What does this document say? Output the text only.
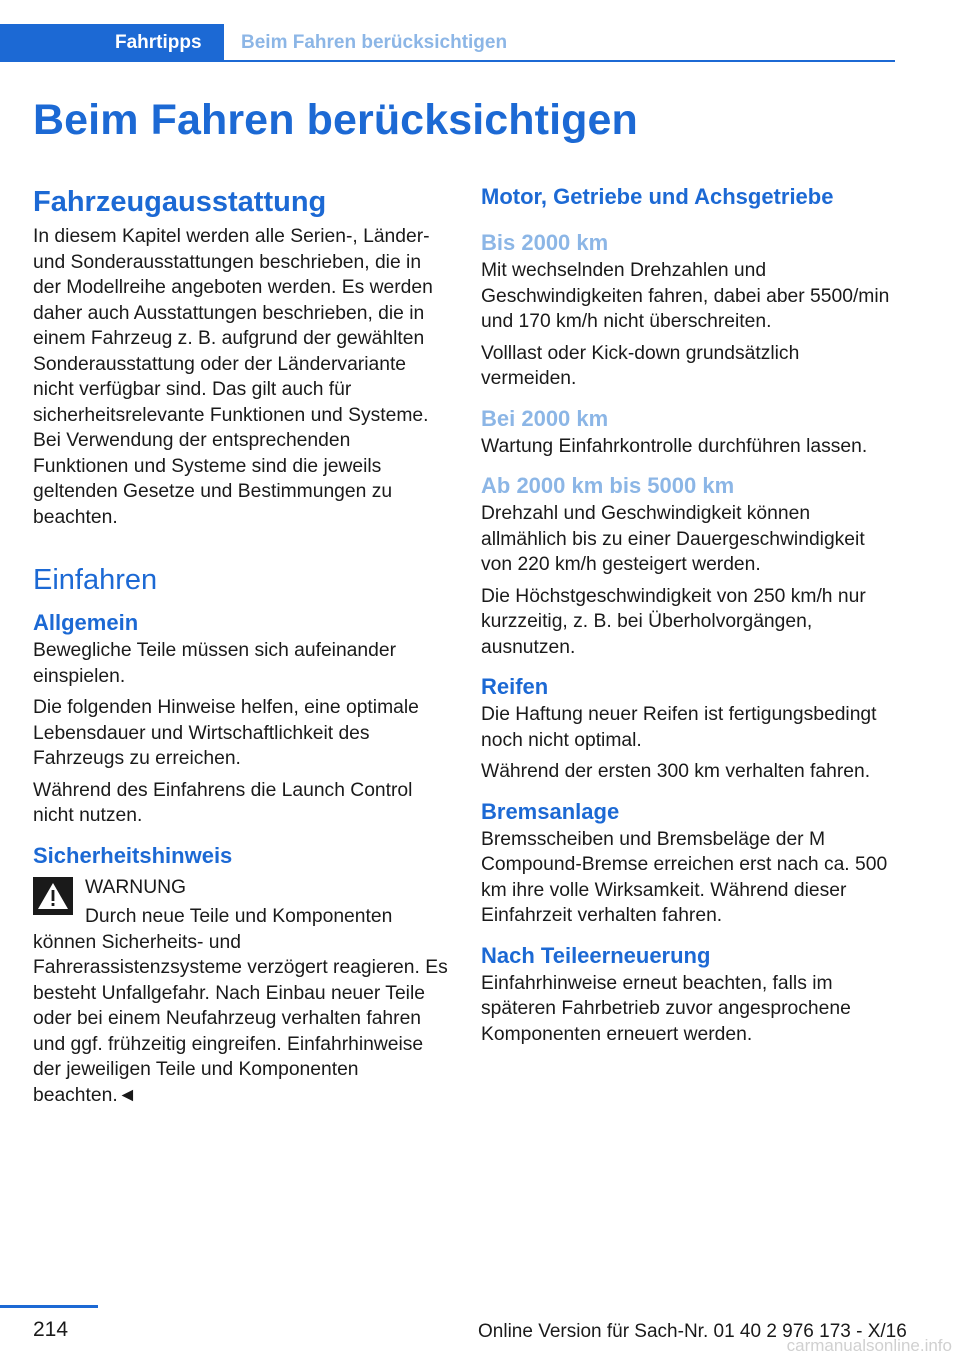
Fahrtipps	Beim Fahren berücksichtigen
Beim Fahren berücksichtigen
Fahrzeugausstattung

In diesem Kapitel werden alle Serien-, Länder- und Sonderausstattungen beschrieben, die in der Modellreihe angeboten werden. Es werden daher auch Ausstattungen beschrieben, die in einem Fahrzeug z. B. aufgrund der gewählten Sonderausstattung oder der Ländervariante nicht verfügbar sind. Das gilt auch für sicherheitsrelevante Funktionen und Systeme. Bei Verwendung der entsprechenden Funktionen und Systeme sind die jeweils geltenden Gesetze und Bestimmungen zu beachten.

Einfahren
Allgemein

Bewegliche Teile müssen sich aufeinander einspielen.

Die folgenden Hinweise helfen, eine optimale Lebensdauer und Wirtschaftlichkeit des Fahrzeugs zu erreichen.

Während des Einfahrens die Launch Control nicht nutzen.

Sicherheitshinweis

WARNUNG

Durch neue Teile und Komponenten können Sicherheits- und Fahrerassistenzsysteme verzögert reagieren. Es besteht Unfallgefahr. Nach Einbau neuer Teile oder bei einem Neufahrzeug verhalten fahren und ggf. frühzeitig eingreifen. Einfahrhinweise der jeweiligen Teile und Komponenten beachten.◄

Motor, Getriebe und Achsgetriebe
Bis 2000 km

Mit wechselnden Drehzahlen und Geschwindigkeiten fahren, dabei aber 5500/min und 170 km/h nicht überschreiten.

Volllast oder Kick-down grundsätzlich vermeiden.

Bei 2000 km

Wartung Einfahrkontrolle durchführen lassen.

Ab 2000 km bis 5000 km

Drehzahl und Geschwindigkeit können allmählich bis zu einer Dauergeschwindigkeit von 220 km/h gesteigert werden.

Die Höchstgeschwindigkeit von 250 km/h nur kurzzeitig, z. B. bei Überholvorgängen, ausnutzen.

Reifen

Die Haftung neuer Reifen ist fertigungsbedingt noch nicht optimal.

Während der ersten 300 km verhalten fahren.

Bremsanlage

Bremsscheiben und Bremsbeläge der M Compound-Bremse erreichen erst nach ca. 500 km ihre volle Wirksamkeit. Während dieser Einfahrzeit verhalten fahren.

Nach Teileerneuerung

Einfahrhinweise erneut beachten, falls im späteren Fahrbetrieb zuvor angesprochene Komponenten erneuert werden.

214	Online Version für Sach-Nr. 01 40 2 976 173 - X/16
carmanualsonline.info
